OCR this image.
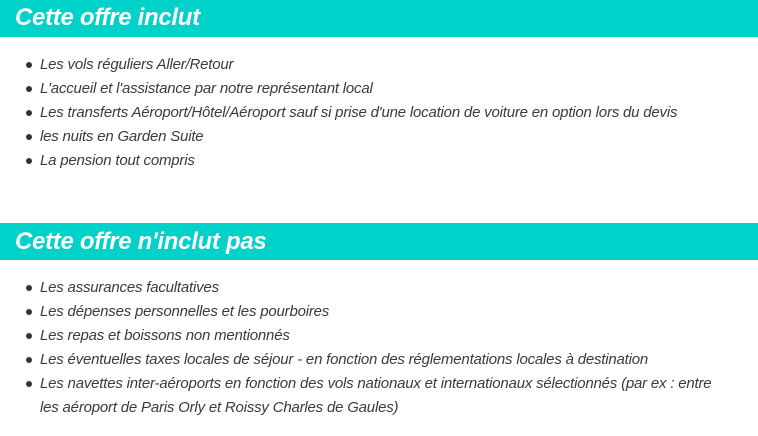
Cette offre inclut
Les vols réguliers Aller/Retour
L'accueil et l'assistance par notre représentant local
Les transferts Aéroport/Hôtel/Aéroport sauf si prise d'une location de voiture en option lors du devis
les nuits en Garden Suite
La pension tout compris
Cette offre n'inclut pas
Les assurances facultatives
Les dépenses personnelles et les pourboires
Les repas et boissons non mentionnés
Les éventuelles taxes locales de séjour - en fonction des réglementations locales à destination
Les navettes inter-aéroports en fonction des vols nationaux et internationaux sélectionnés (par ex : entre les aéroport de Paris Orly et Roissy Charles de Gaules)
